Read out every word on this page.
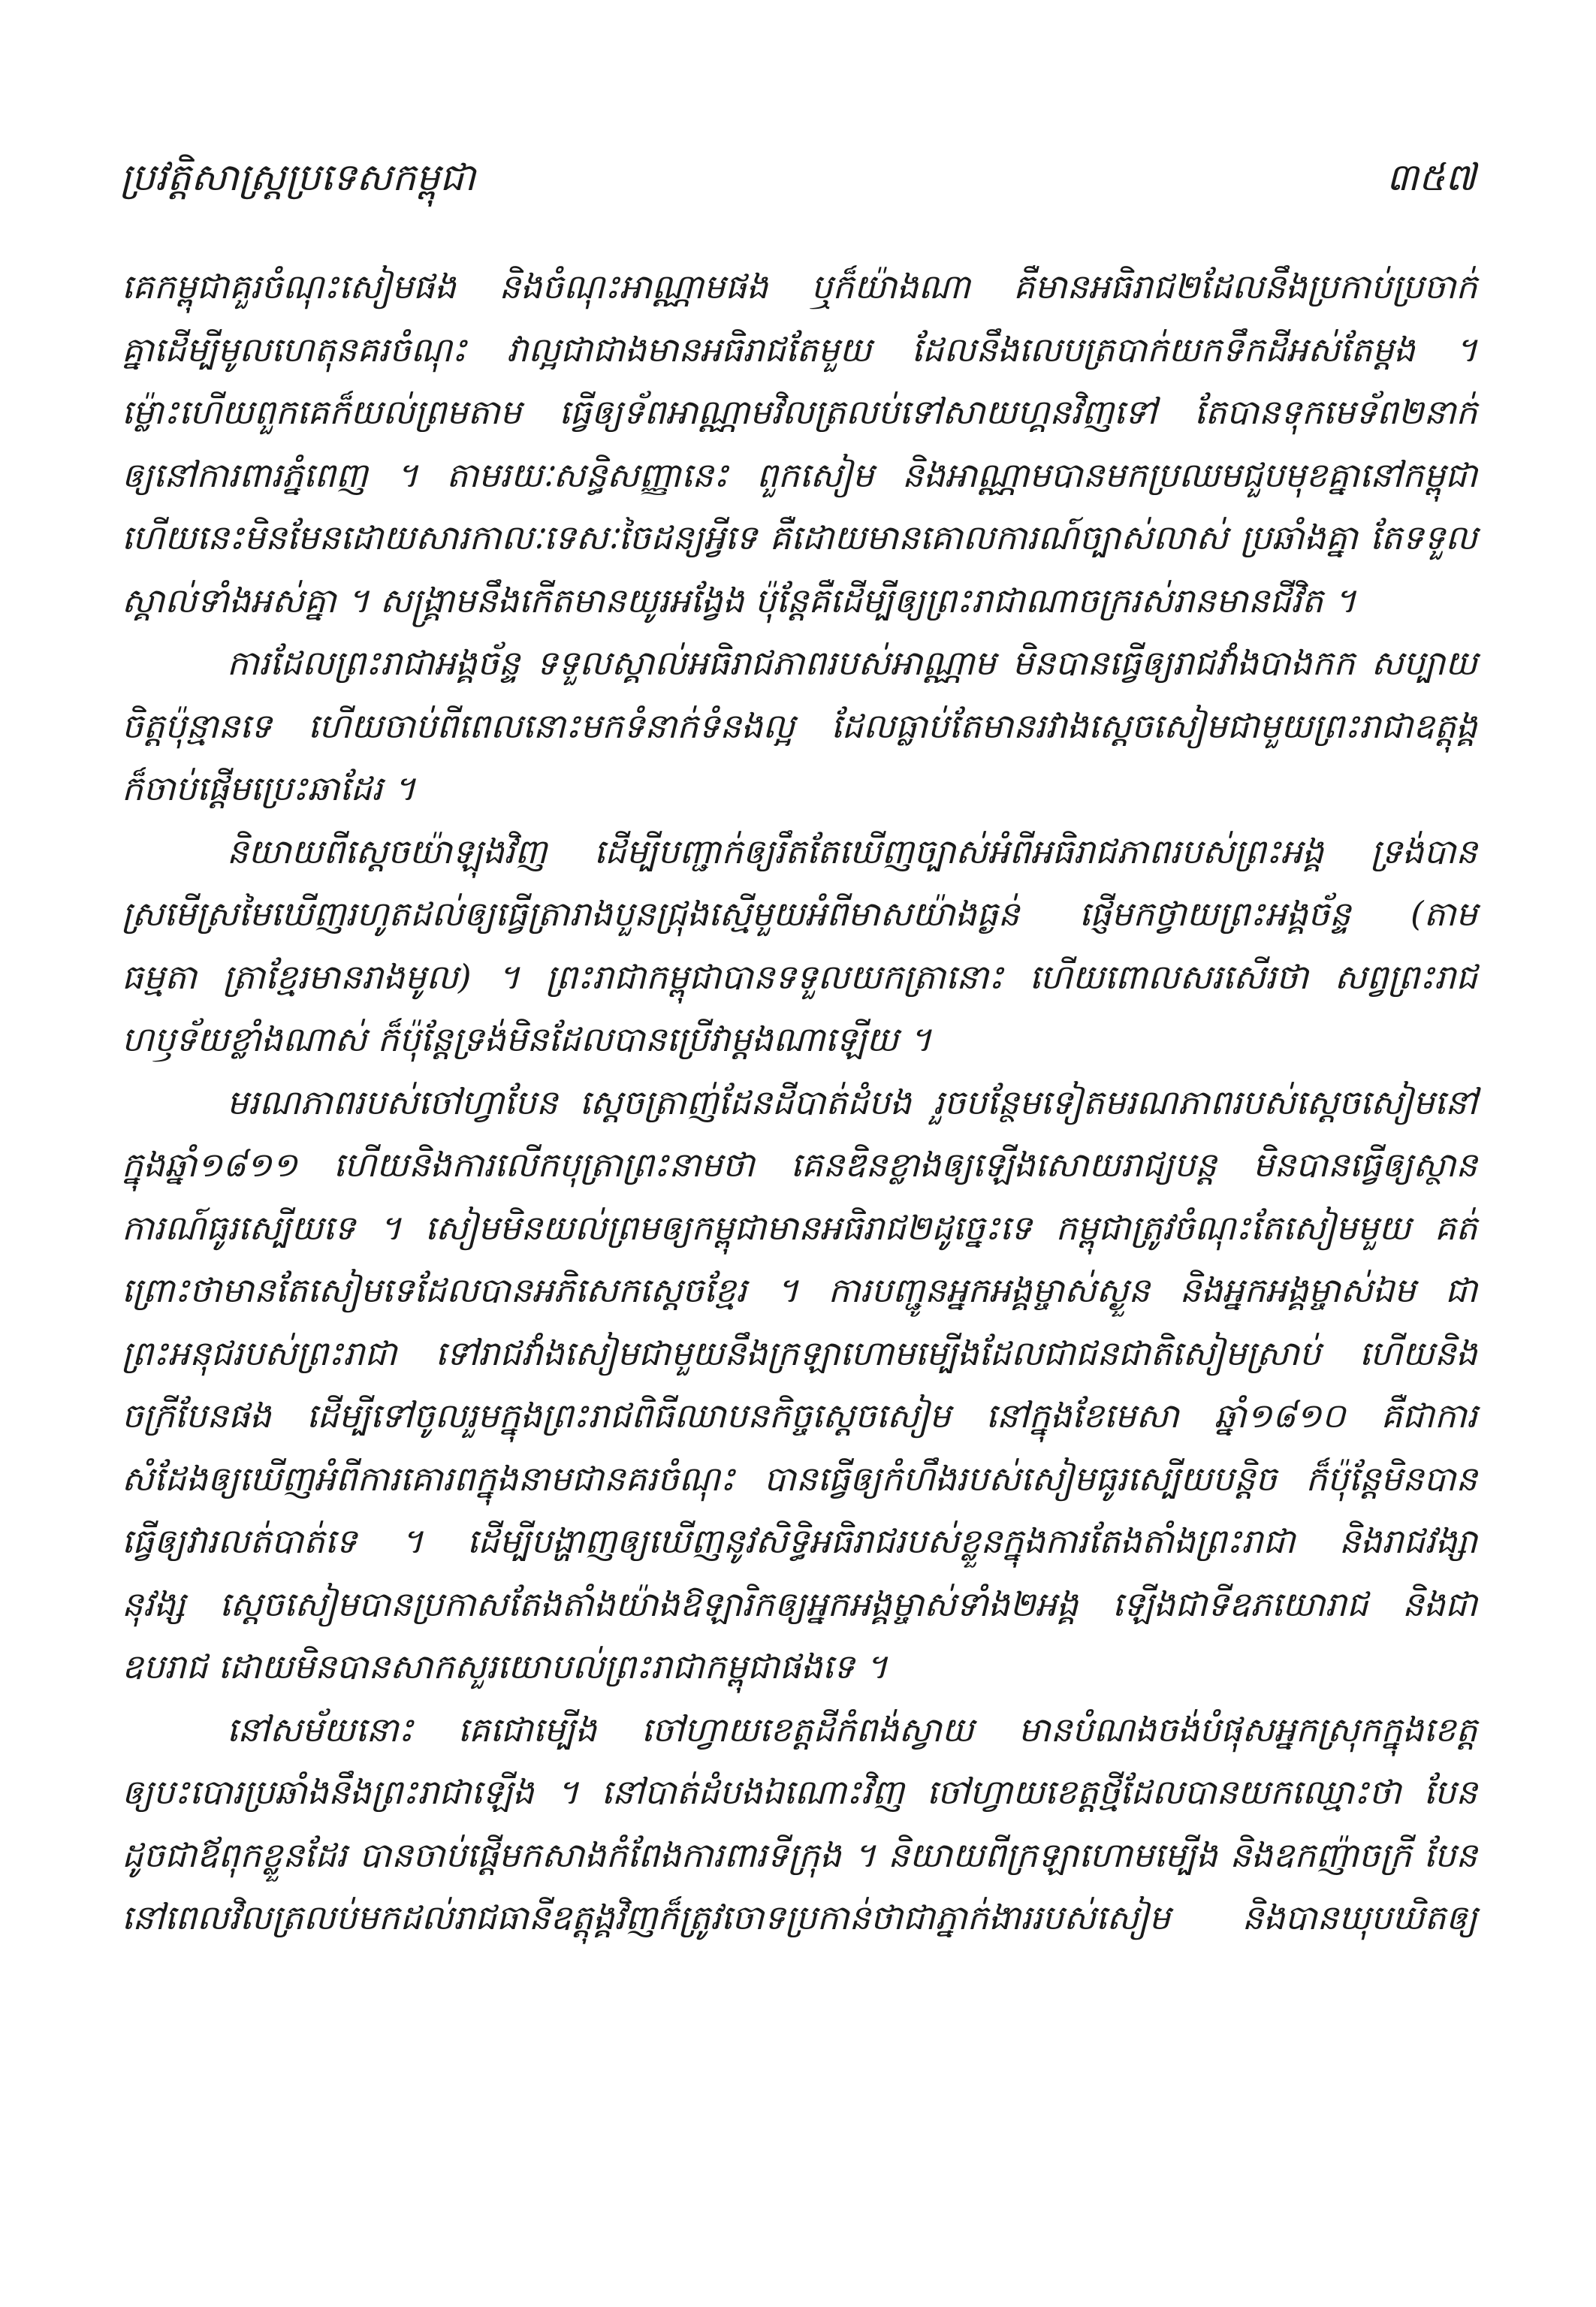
ប្រវត្តិសាស្ត្រប្រទេសកម្ពុជា	៣៥៧

គេកម្ពុជាគួរចំណុះសៀមផង និងចំណុះអាណ្ណាមផង ឬក៏យ៉ាងណា គឺមានអធិរាជ២ដែលនឹងប្រកាប់ប្រចាក់
គ្នាដើម្បីមូលហេតុនគរចំណុះ វាល្អជាជាងមានអធិរាជតែមួយ ដែលនឹងលេបត្របាក់យកទឹកដីអស់តែម្តង ។
ម្ល៉ោះហើយពួកគេក៏យល់ព្រមតាម ធ្វើឲ្យទ័ពអាណ្ណាមវិលត្រលប់ទៅសាយហ្គនវិញទៅ តែបានទុកមេទ័ព២នាក់
ឲ្យនៅការពារភ្នំពេញ ។ តាមរយៈសន្ធិសញ្ញានេះ ពួកសៀម និងអាណ្ណាមបានមកប្រឈមជួបមុខគ្នានៅកម្ពុជា
ហើយនេះមិនមែនដោយសារកាលៈទេសៈចៃដន្យអ្វីទេ គឺដោយមានគោលការណ៍ច្បាស់លាស់ ប្រឆាំងគ្នា តែទទួល

ស្គាល់ទាំងអស់គ្នា ។ សង្គ្រាមនឹងកើតមានយូរអង្វែង ប៉ុន្តែគឺដើម្បីឲ្យព្រះរាជាណាចក្ររស់រានមានជីវិត ។

ការដែលព្រះរាជាអង្គច័ន្ទ ទទួលស្គាល់អធិរាជភាពរបស់អាណ្ណាម មិនបានធ្វើឲ្យរាជវាំងបាងកក សប្បាយ
ចិត្តប៉ុន្មានទេ ហើយចាប់ពីពេលនោះមកទំនាក់ទំនងល្អ ដែលធ្លាប់តែមានរវាងស្តេចសៀមជាមួយព្រះរាជាឧត្តុង្គ

ក៏ចាប់ផ្តើមប្រេះឆាដែរ ។

និយាយពីស្តេចយ៉ាឡុងវិញ ដើម្បីបញ្ជាក់ឲ្យរឹតតែឃើញច្បាស់អំពីអធិរាជភាពរបស់ព្រះអង្គ ទ្រង់បាន
ស្រមើស្រមៃឃើញរហូតដល់ឲ្យធ្វើត្រារាងបួនជ្រុងស្មើមួយអំពីមាសយ៉ាងធ្ងន់ ផ្ញើមកថ្វាយព្រះអង្គច័ន្ទ (តាម
ធម្មតា ត្រាខ្មែរមានរាងមូល) ។ ព្រះរាជាកម្ពុជាបានទទួលយកត្រានោះ ហើយពោលសរសើរថា សព្វព្រះរាជ

ហឫទ័យខ្លាំងណាស់ ក៏ប៉ុន្តែទ្រង់មិនដែលបានប្រើវាម្តងណាឡើយ ។

មរណភាពរបស់ចៅហ្វាបែន ស្តេចត្រាញ់ដែនដីបាត់ដំបង រួចបន្ថែមទៀតមរណភាពរបស់ស្តេចសៀមនៅ
ក្នុងឆ្នាំ១៨១១ ហើយនិងការលើកបុត្រាព្រះនាមថា គេនឌិនខ្លាងឲ្យឡើងសោយរាជ្យបន្ត មិនបានធ្វើឲ្យស្ថាន
ការណ៍ធូរស្បើយទេ ។ សៀមមិនយល់ព្រមឲ្យកម្ពុជាមានអធិរាជ២ដូច្នេះទេ កម្ពុជាត្រូវចំណុះតែសៀមមួយ គត់
ព្រោះថាមានតែសៀមទេដែលបានអភិសេកស្តេចខ្មែរ ។ ការបញ្ជូនអ្នកអង្គម្ចាស់ស្ងួន និងអ្នកអង្គម្ចាស់ឯម ជា
ព្រះអនុជរបស់ព្រះរាជា ទៅរាជវាំងសៀមជាមួយនឹងក្រឡាហោមម្បើងដែលជាជនជាតិសៀមស្រាប់ ហើយនិង
ចក្រីបែនផង ដើម្បីទៅចូលរួមក្នុងព្រះរាជពិធីឈាបនកិច្ចស្តេចសៀម នៅក្នុងខែមេសា ឆ្នាំ១៨១០ គឺជាការ
សំដែងឲ្យឃើញអំពីការគោរពក្នុងនាមជានគរចំណុះ បានធ្វើឲ្យកំហឹងរបស់សៀមធូរស្បើយបន្តិច ក៏ប៉ុន្តែមិនបាន
ធ្វើឲ្យវារលត់បាត់ទេ ។ ដើម្បីបង្ហាញឲ្យឃើញនូវសិទ្ធិអធិរាជរបស់ខ្លួនក្នុងការតែងតាំងព្រះរាជា និងរាជវង្សា
នុវង្ស ស្តេចសៀមបានប្រកាសតែងតាំងយ៉ាងឱឡារិកឲ្យអ្នកអង្គម្ចាស់ទាំង២អង្គ ឡើងជាទីឧភយោរាជ និងជា

ឧបរាជ ដោយមិនបានសាកសួរយោបល់ព្រះរាជាកម្ពុជាផងទេ ។

នៅសម័យនោះ គេជោម្បើង ចៅហ្វាយខេត្តដីកំពង់ស្វាយ មានបំណងចង់បំផុសអ្នកស្រុកក្នុងខេត្ត
ឲ្យបះបោរប្រឆាំងនឹងព្រះរាជាឡើង ។ នៅបាត់ដំបងឯណោះវិញ ចៅហ្វាយខេត្តថ្មីដែលបានយកឈ្មោះថា បែន
ដូចជាឪពុកខ្លួនដែរ បានចាប់ផ្តើមកសាងកំពែងការពារទីក្រុង ។ និយាយពីក្រឡាហោមម្បើង និងឧកញ៉ាចក្រី បែន
នៅពេលវិលត្រលប់មកដល់រាជធានីឧត្តុង្គវិញក៏ត្រូវចោទប្រកាន់ថាជាភ្នាក់ងាររបស់សៀម និងបានឃុបឃិតឲ្យ
